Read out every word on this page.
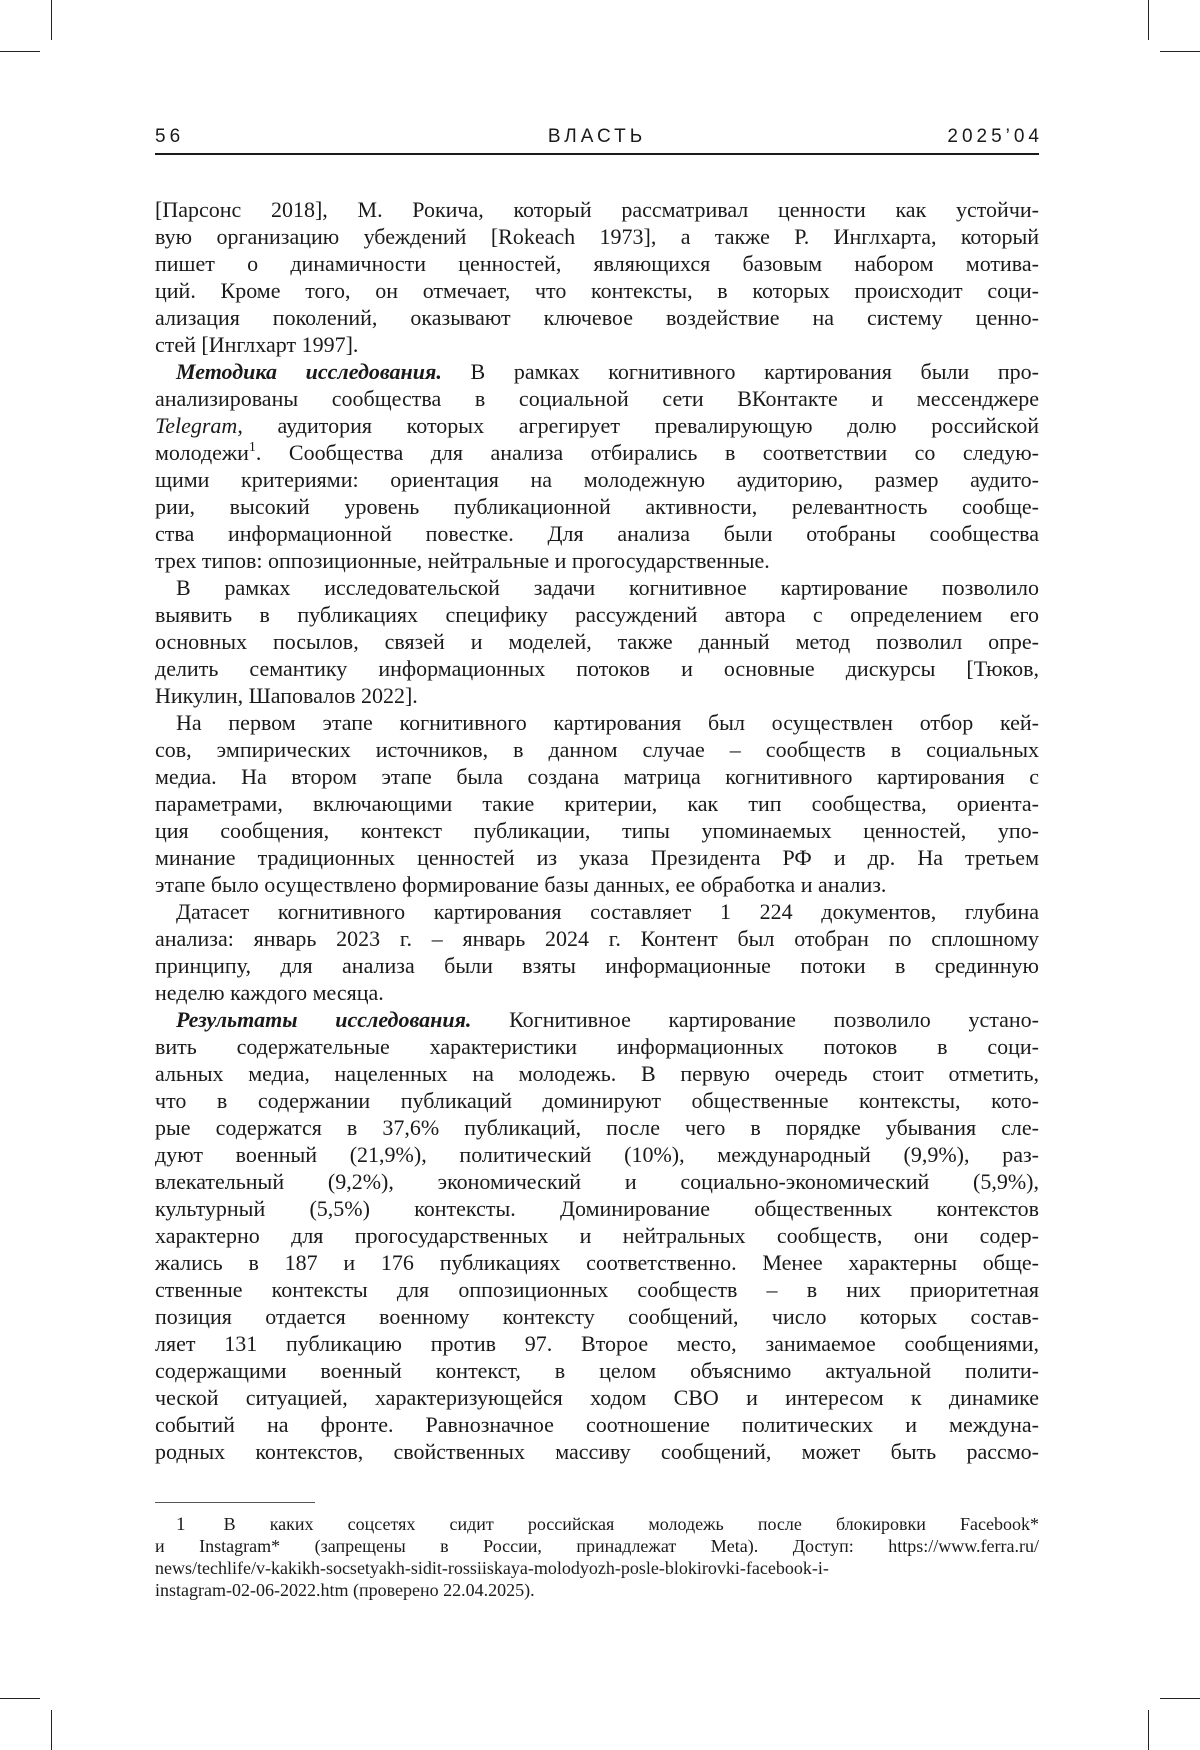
56	ВЛАСТЬ	2025’04
[Парсонс 2018], М. Рокича, который рассматривал ценности как устойчи-
вую организацию убеждений [Rokeach 1973], а также Р. Инглхарта, который
пишет о динамичности ценностей, являющихся базовым набором мотива-
ций. Кроме того, он отмечает, что контексты, в которых происходит соци-
ализация поколений, оказывают ключевое воздействие на систему ценно-
стей [Инглхарт 1997].
Методика исследования. В рамках когнитивного картирования были про-
анализированы сообщества в социальной сети ВКонтакте и мессенджере
Telegram, аудитория которых агрегирует превалирующую долю российской
молодежи1. Сообщества для анализа отбирались в соответствии со следую-
щими критериями: ориентация на молодежную аудиторию, размер аудито-
рии, высокий уровень публикационной активности, релевантность сообще-
ства информационной повестке. Для анализа были отобраны сообщества
трех типов: оппозиционные, нейтральные и прогосударственные.
В рамках исследовательской задачи когнитивное картирование позволило
выявить в публикациях специфику рассуждений автора с определением его
основных посылов, связей и моделей, также данный метод позволил опре-
делить семантику информационных потоков и основные дискурсы [Тюков,
Никулин, Шаповалов 2022].
На первом этапе когнитивного картирования был осуществлен отбор кей-
сов, эмпирических источников, в данном случае – сообществ в социальных
медиа. На втором этапе была создана матрица когнитивного картирования с
параметрами, включающими такие критерии, как тип сообщества, ориента-
ция сообщения, контекст публикации, типы упоминаемых ценностей, упо-
минание традиционных ценностей из указа Президента РФ и др. На третьем
этапе было осуществлено формирование базы данных, ее обработка и анализ.
Датасет когнитивного картирования составляет 1 224 документов, глубина
анализа: январь 2023 г. – январь 2024 г. Контент был отобран по сплошному
принципу, для анализа были взяты информационные потоки в срединную
неделю каждого месяца.
Результаты исследования. Когнитивное картирование позволило устано-
вить содержательные характеристики информационных потоков в соци-
альных медиа, нацеленных на молодежь. В первую очередь стоит отметить,
что в содержании публикаций доминируют общественные контексты, кото-
рые содержатся в 37,6% публикаций, после чего в порядке убывания сле-
дуют военный (21,9%), политический (10%), международный (9,9%), раз-
влекательный (9,2%), экономический и социально-экономический (5,9%),
культурный (5,5%) контексты. Доминирование общественных контекстов
характерно для прогосударственных и нейтральных сообществ, они содер-
жались в 187 и 176 публикациях соответственно. Менее характерны обще-
ственные контексты для оппозиционных сообществ – в них приоритетная
позиция отдается военному контексту сообщений, число которых состав-
ляет 131 публикацию против 97. Второе место, занимаемое сообщениями,
содержащими военный контекст, в целом объяснимо актуальной полити-
ческой ситуацией, характеризующейся ходом СВО и интересом к динамике
событий на фронте. Равнозначное соотношение политических и междуна-
родных контекстов, свойственных массиву сообщений, может быть рассмо-
1 В каких соцсетях сидит российская молодежь после блокировки Facebook*
и Instagram* (запрещены в России, принадлежат Meta). Доступ: https://www.ferra.ru/
news/techlife/v-kakikh-socsetyakh-sidit-rossiiskaya-molodyozh-posle-blokirovki-facebook-i-
instagram-02-06-2022.htm (проверено 22.04.2025).
